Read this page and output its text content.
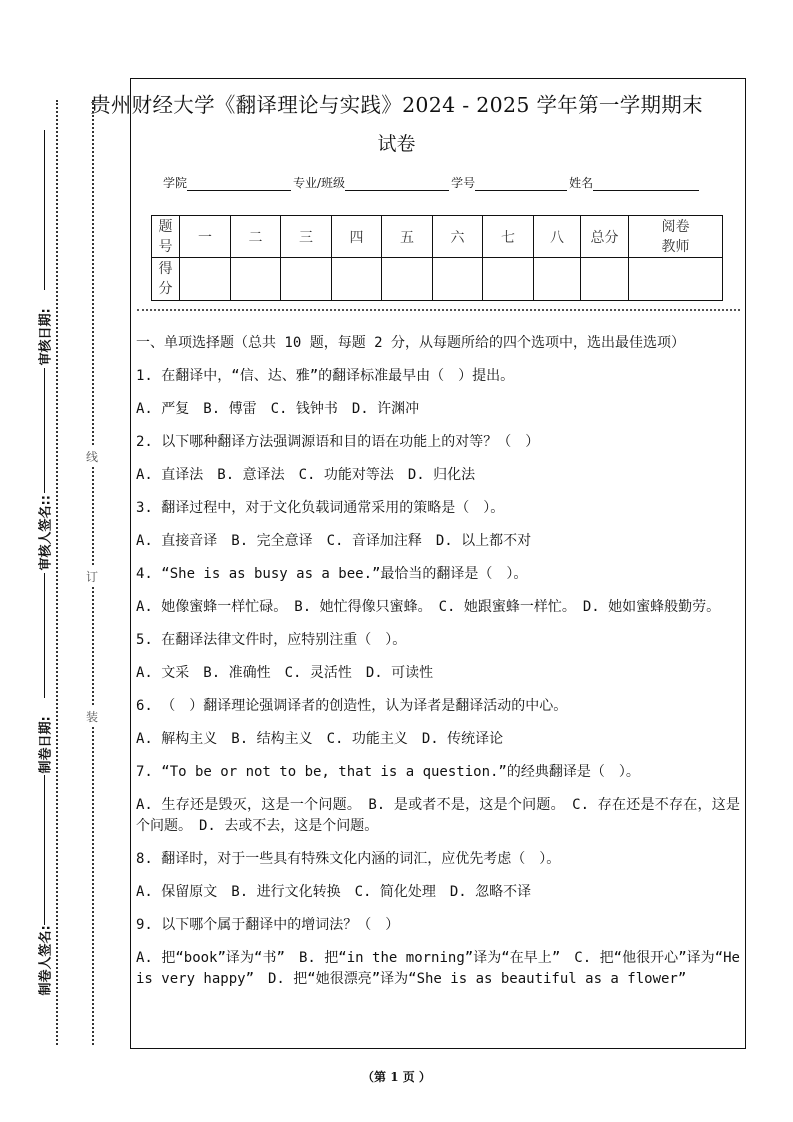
制卷人签名:
制卷日期:
审核人签名::
审核日期:
装
订
线
贵州财经大学《翻译理论与实践》2024 - 2025 学年第一学期期末
试卷
学院	专业/班级	学号	姓名
题号	一	二	三	四	五	六	七	八	总分	阅卷教师
得分										

一、单项选择题（总共 10 题，每题 2 分，从每题所给的四个选项中，选出最佳选项）

1. 在翻译中，“信、达、雅”的翻译标准最早由（　）提出。

A. 严复　B. 傅雷　C. 钱钟书　D. 许渊冲

2. 以下哪种翻译方法强调源语和目的语在功能上的对等？（　）

A. 直译法　B. 意译法　C. 功能对等法　D. 归化法

3. 翻译过程中，对于文化负载词通常采用的策略是（　）。

A. 直接音译　B. 完全意译　C. 音译加注释　D. 以上都不对

4. “She is as busy as a bee.”最恰当的翻译是（　）。

A. 她像蜜蜂一样忙碌。　B. 她忙得像只蜜蜂。　C. 她跟蜜蜂一样忙。　D. 她如蜜蜂般勤劳。

5. 在翻译法律文件时，应特别注重（　）。

A. 文采　B. 准确性　C. 灵活性　D. 可读性

6. （　）翻译理论强调译者的创造性，认为译者是翻译活动的中心。

A. 解构主义　B. 结构主义　C. 功能主义　D. 传统译论

7. “To be or not to be, that is a question.”的经典翻译是（　）。

A. 生存还是毁灭，这是一个问题。　B. 是或者不是，这是个问题。　C. 存在还是不存在，这是个问题。　D. 去或不去，这是个问题。

8. 翻译时，对于一些具有特殊文化内涵的词汇，应优先考虑（　）。

A. 保留原文　B. 进行文化转换　C. 简化处理　D. 忽略不译

9. 以下哪个属于翻译中的增词法？（　）

A. 把“book”译为“书”　B. 把“in the morning”译为“在早上”　C. 把“他很开心”译为“He is very happy”　D. 把“她很漂亮”译为“She is as beautiful as a flower”

（第 1 页 ）
